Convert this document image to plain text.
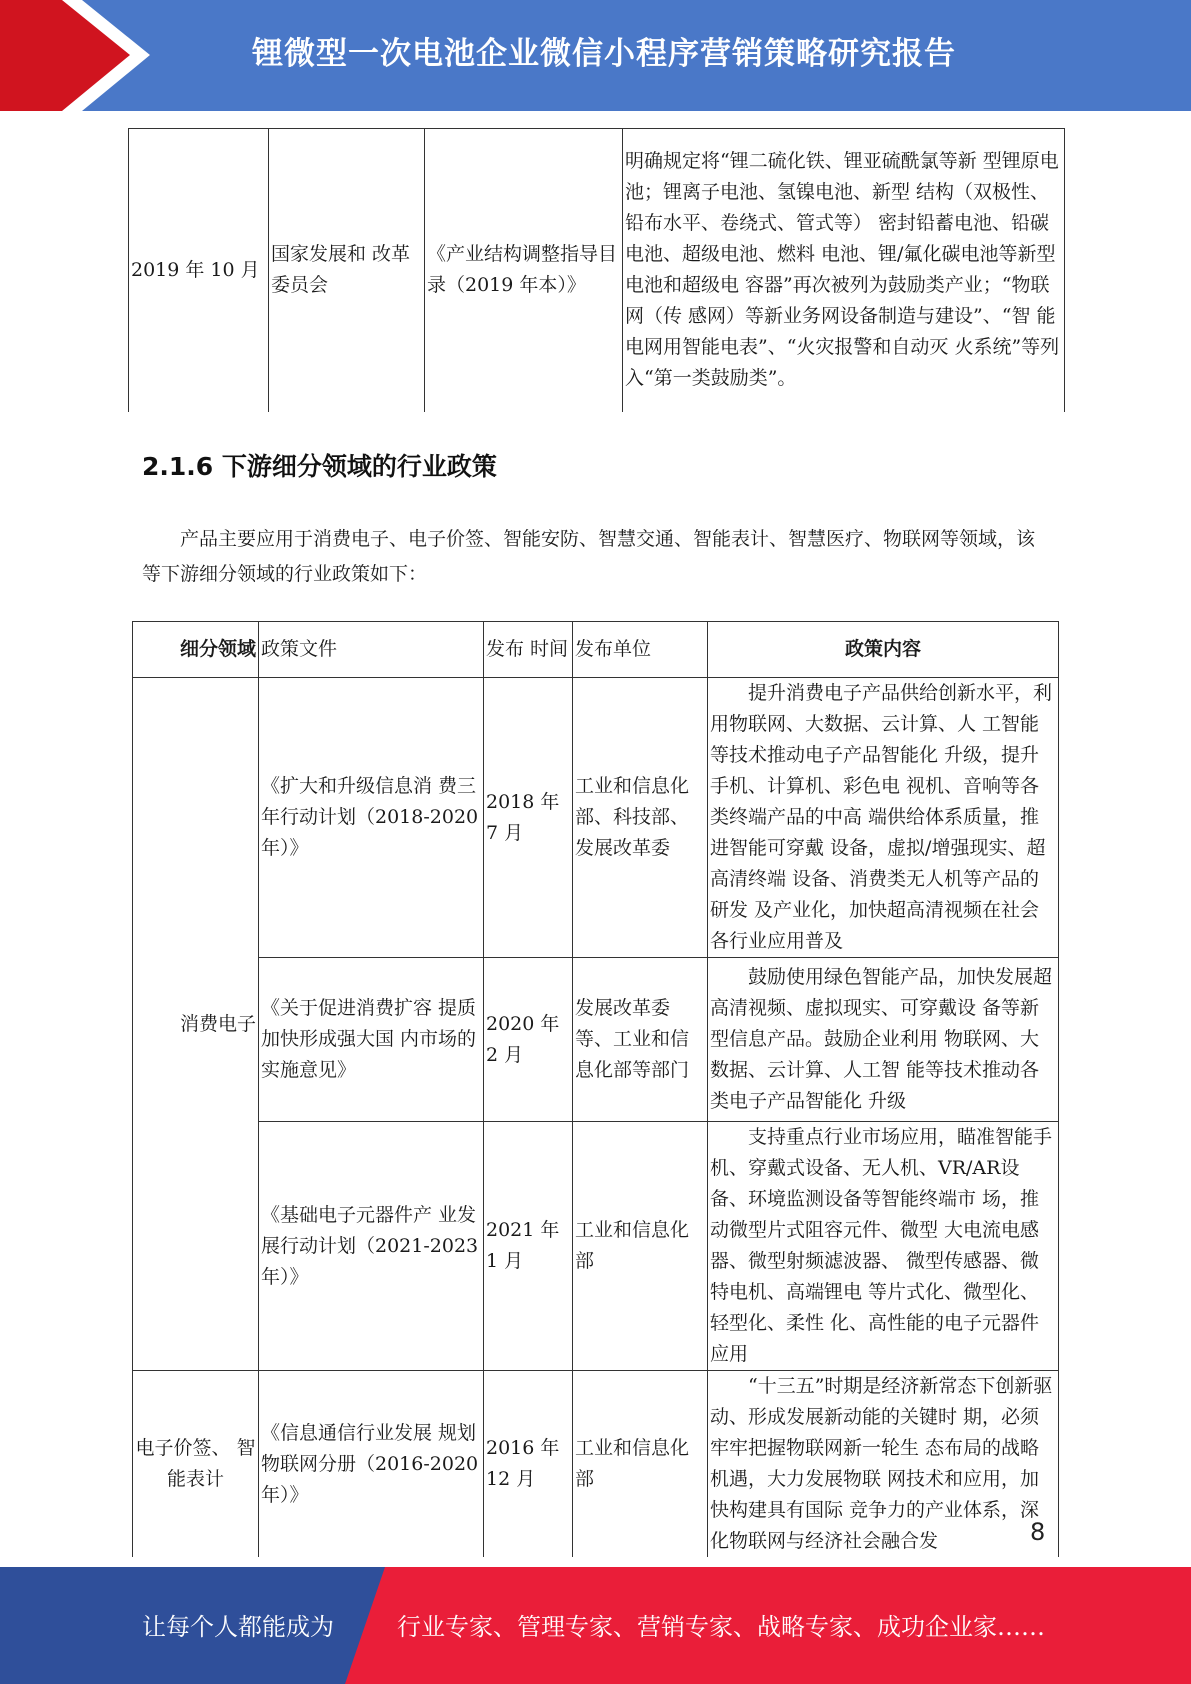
锂微型一次电池企业微信小程序营销策略研究报告
2019 年 10 月	国家发展和 改革委员会	《产业结构调整指导目录（2019 年本）》	明确规定将“锂二硫化铁、锂亚硫酰氯等新 型锂原电池；锂离子电池、氢镍电池、新型 结构（双极性、铅布水平、卷绕式、管式等） 密封铅蓄电池、铅碳电池、超级电池、燃料 电池、锂/氟化碳电池等新型电池和超级电 容器”再次被列为鼓励类产业；“物联网（传 感网）等新业务网设备制造与建设”、“智 能电网用智能电表”、“火灾报警和自动灭 火系统”等列入“第一类鼓励类”。
2.1.6 下游细分领域的行业政策
产品主要应用于消费电子、电子价签、智能安防、智慧交通、智能表计、智慧医疗、物联网等领域，该等下游细分领域的行业政策如下：
细分领域	政策文件	发布 时间	发布单位	政策内容
消费电子	《扩大和升级信息消 费三年行动计划（2018-2020 年）》	2018 年 7 月	工业和信息化部、科技部、发展改革委	提升消费电子产品供给创新水平，利用物联网、大数据、云计算、人 工智能等技术推动电子产品智能化 升级，提升手机、计算机、彩色电 视机、音响等各类终端产品的中高 端供给体系质量，推进智能可穿戴 设备，虚拟/增强现实、超高清终端 设备、消费类无人机等产品的研发 及产业化，加快超高清视频在社会 各行业应用普及
	《关于促进消费扩容 提质加快形成强大国 内市场的实施意见》	2020 年 2 月	发展改革委等、工业和信息化部等部门	鼓励使用绿色智能产品，加快发展超高清视频、虚拟现实、可穿戴设 备等新型信息产品。鼓励企业利用 物联网、大数据、云计算、人工智 能等技术推动各类电子产品智能化 升级
	《基础电子元器件产 业发展行动计划（2021-2023 年）》	2021 年 1 月	工业和信息化部	支持重点行业市场应用，瞄准智能手机、穿戴式设备、无人机、VR/AR设备、环境监测设备等智能终端市 场，推动微型片式阻容元件、微型 大电流电感器、微型射频滤波器、 微型传感器、微特电机、高端锂电 等片式化、微型化、轻型化、柔性 化、高性能的电子元器件应用
电子价签、 智能表计	《信息通信行业发展 规划物联网分册（2016-2020 年）》	2016 年 12 月	工业和信息化部	“十三五”时期是经济新常态下创新驱动、形成发展新动能的关键时 期，必须牢牢把握物联网新一轮生 态布局的战略机遇，大力发展物联 网技术和应用，加快构建具有国际 竞争力的产业体系，深化物联网与经济社会融合发	8
让每个人都能成为	行业专家、管理专家、营销专家、战略专家、成功企业家……
